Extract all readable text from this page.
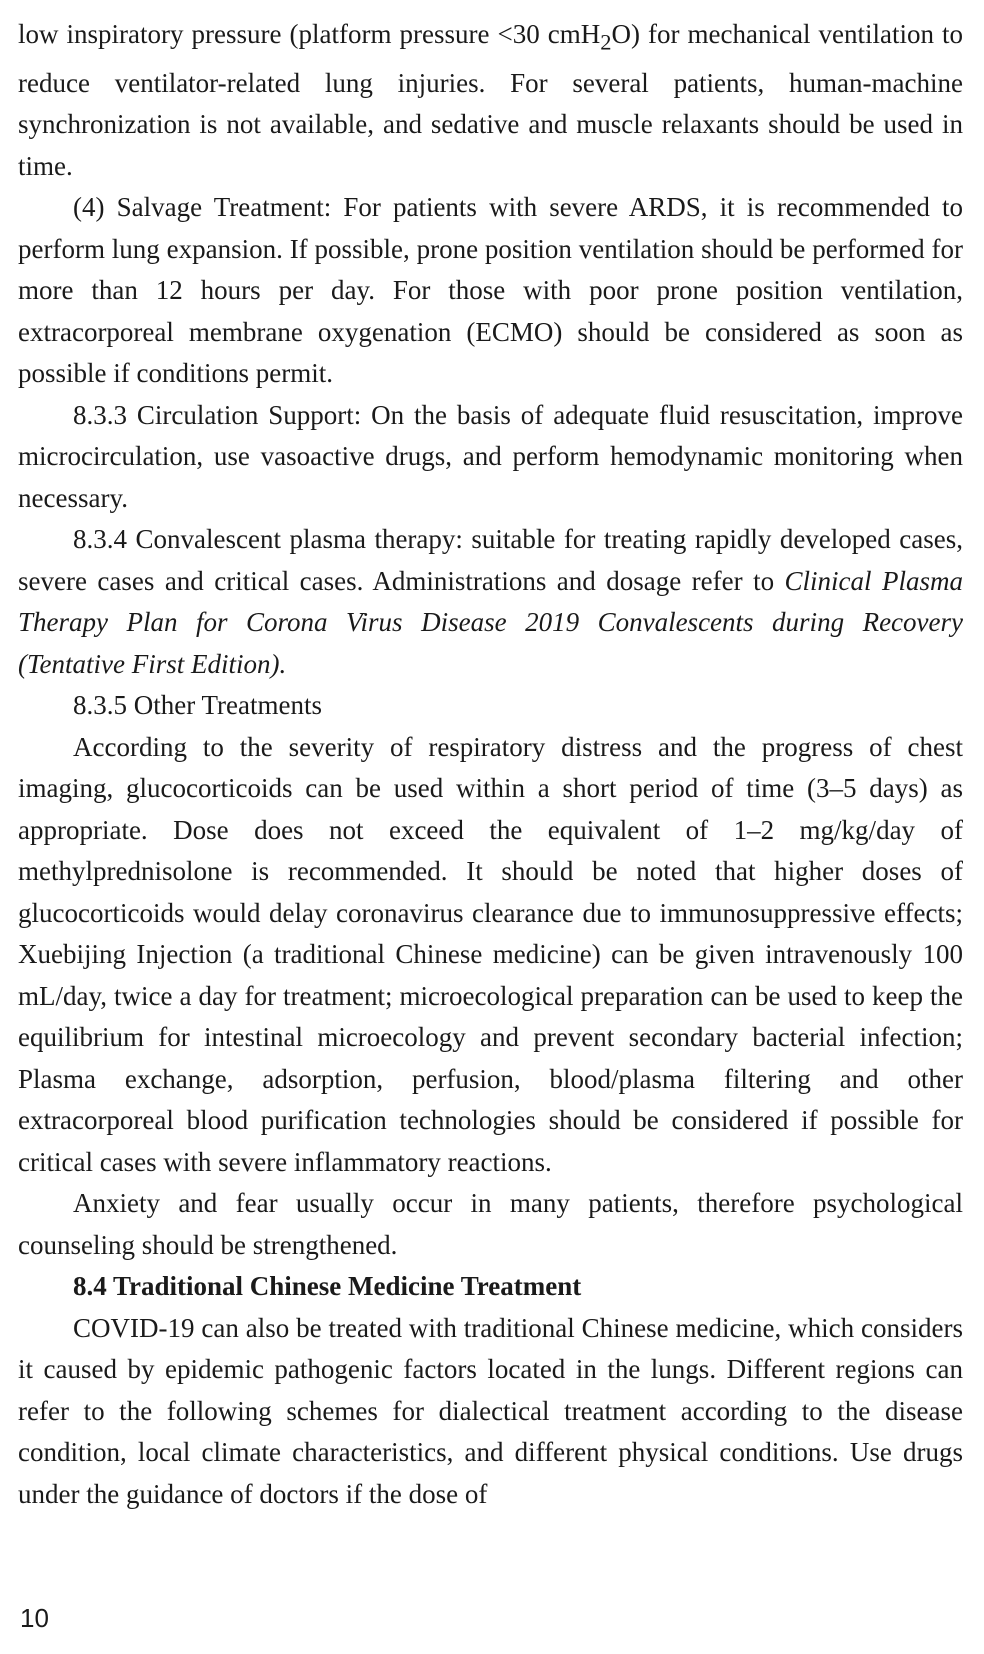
low inspiratory pressure (platform pressure <30 cmH$_2$O) for mechanical ventilation to reduce ventilator-related lung injuries. For several patients, human-machine synchronization is not available, and sedative and muscle relaxants should be used in time.

(4) Salvage Treatment: For patients with severe ARDS, it is recommended to perform lung expansion. If possible, prone position ventilation should be performed for more than 12 hours per day. For those with poor prone position ventilation, extracorporeal membrane oxygenation (ECMO) should be considered as soon as possible if conditions permit.

8.3.3 Circulation Support: On the basis of adequate fluid resuscitation, improve microcirculation, use vasoactive drugs, and perform hemodynamic monitoring when necessary.

8.3.4 Convalescent plasma therapy: suitable for treating rapidly developed cases, severe cases and critical cases. Administrations and dosage refer to Clinical Plasma Therapy Plan for Corona Virus Disease 2019 Convalescents during Recovery (Tentative First Edition).

8.3.5 Other Treatments

According to the severity of respiratory distress and the progress of chest imaging, glucocorticoids can be used within a short period of time (3–5 days) as appropriate. Dose does not exceed the equivalent of 1–2 mg/kg/day of methylprednisolone is recommended. It should be noted that higher doses of glucocorticoids would delay coronavirus clearance due to immunosuppressive effects; Xuebijing Injection (a traditional Chinese medicine) can be given intravenously 100 mL/day, twice a day for treatment; microecological preparation can be used to keep the equilibrium for intestinal microecology and prevent secondary bacterial infection; Plasma exchange, adsorption, perfusion, blood/plasma filtering and other extracorporeal blood purification technologies should be considered if possible for critical cases with severe inflammatory reactions.

Anxiety and fear usually occur in many patients, therefore psychological counseling should be strengthened.

8.4 Traditional Chinese Medicine Treatment

COVID-19 can also be treated with traditional Chinese medicine, which considers it caused by epidemic pathogenic factors located in the lungs. Different regions can refer to the following schemes for dialectical treatment according to the disease condition, local climate characteristics, and different physical conditions. Use drugs under the guidance of doctors if the dose of

10
